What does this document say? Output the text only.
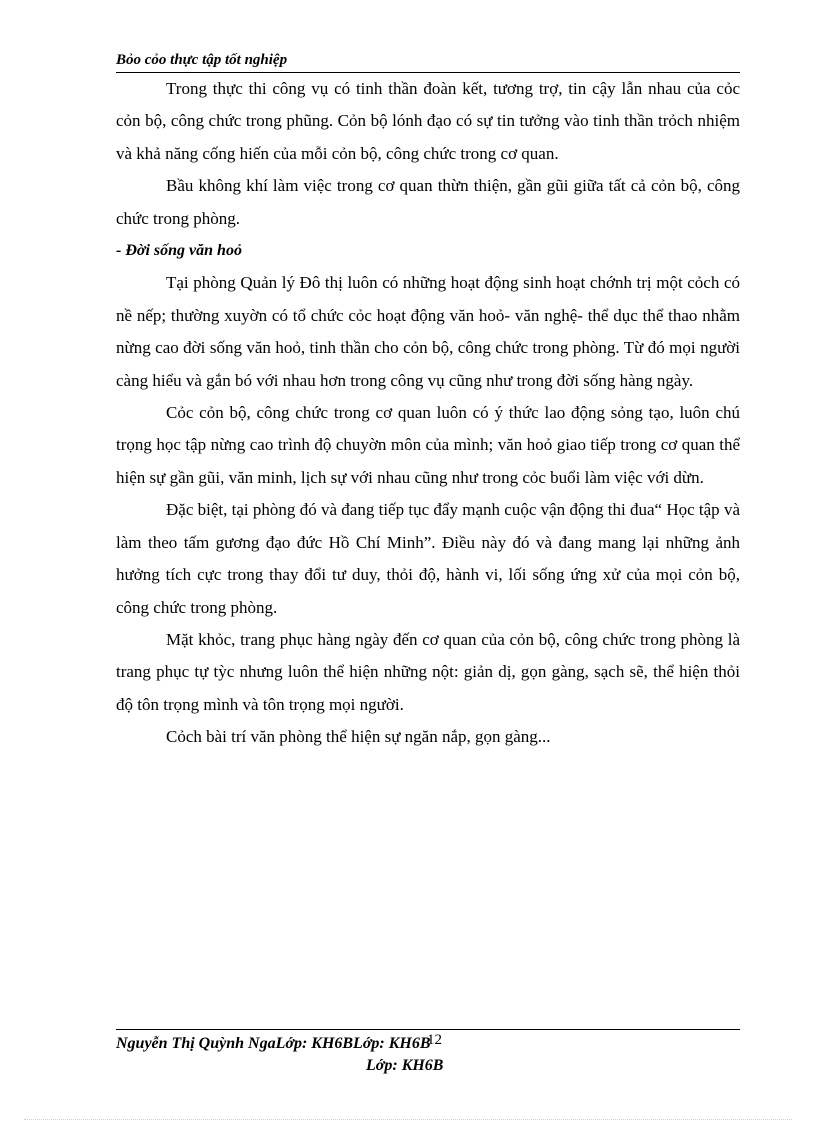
Bỏo cỏo thực tập tốt nghiệp

Trong thực thi công vụ có tinh thần đoàn kết, tương trợ, tin cậy lẫn nhau của cỏc cỏn bộ, công chức trong phũng. Cỏn bộ lónh đạo có sự tin tưởng vào tinh thần trỏch nhiệm và khả năng cống hiến của mỗi cỏn bộ, công chức trong cơ quan.

Bầu không khí làm việc trong cơ quan thừn thiện, gần gũi giữa tất cả cỏn bộ, công chức trong phòng.

- Đời sống văn hoỏ

Tại phòng Quản lý Đô thị luôn có những hoạt động sinh hoạt chớnh trị một cỏch có nề nếp; thường xuyờn có tổ chức cỏc hoạt động văn hoỏ- văn nghệ- thể dục thể thao nhằm nừng cao đời sống văn hoỏ, tinh thần cho cỏn bộ, công chức trong phòng. Từ đó mọi người càng hiểu và gắn bó với nhau hơn trong công vụ cũng như trong đời sống hàng ngày.

Cỏc cỏn bộ, công chức trong cơ quan luôn có ý thức lao động sỏng tạo, luôn chú trọng học tập nừng cao trình độ chuyờn môn của mình; văn hoỏ giao tiếp trong cơ quan thể hiện sự gần gũi, văn minh, lịch sự với nhau cũng như trong cỏc buổi làm việc với dừn.

Đặc biệt, tại phòng đó và đang tiếp tục đẩy mạnh cuộc vận động thi đua“ Học tập và làm theo tấm gương đạo đức Hồ Chí Minh”. Điều này đó và đang mang lại những ảnh hưởng tích cực trong thay đổi tư duy, thỏi độ, hành vi, lối sống ứng xử của mọi cỏn bộ, công chức trong phòng.

Mặt khỏc, trang phục hàng ngày đến cơ quan của cỏn bộ, công chức trong phòng là trang phục tự tỳc nhưng luôn thể hiện những nột: giản dị, gọn gàng, sạch sẽ, thể hiện thỏi độ tôn trọng mình và tôn trọng mọi người.

Cỏch bài trí văn phòng thể hiện sự ngăn nắp, gọn gàng...

Nguyễn Thị Quỳnh NgaLớp: KH6BLớp: KH6B
12
Lớp: KH6B
